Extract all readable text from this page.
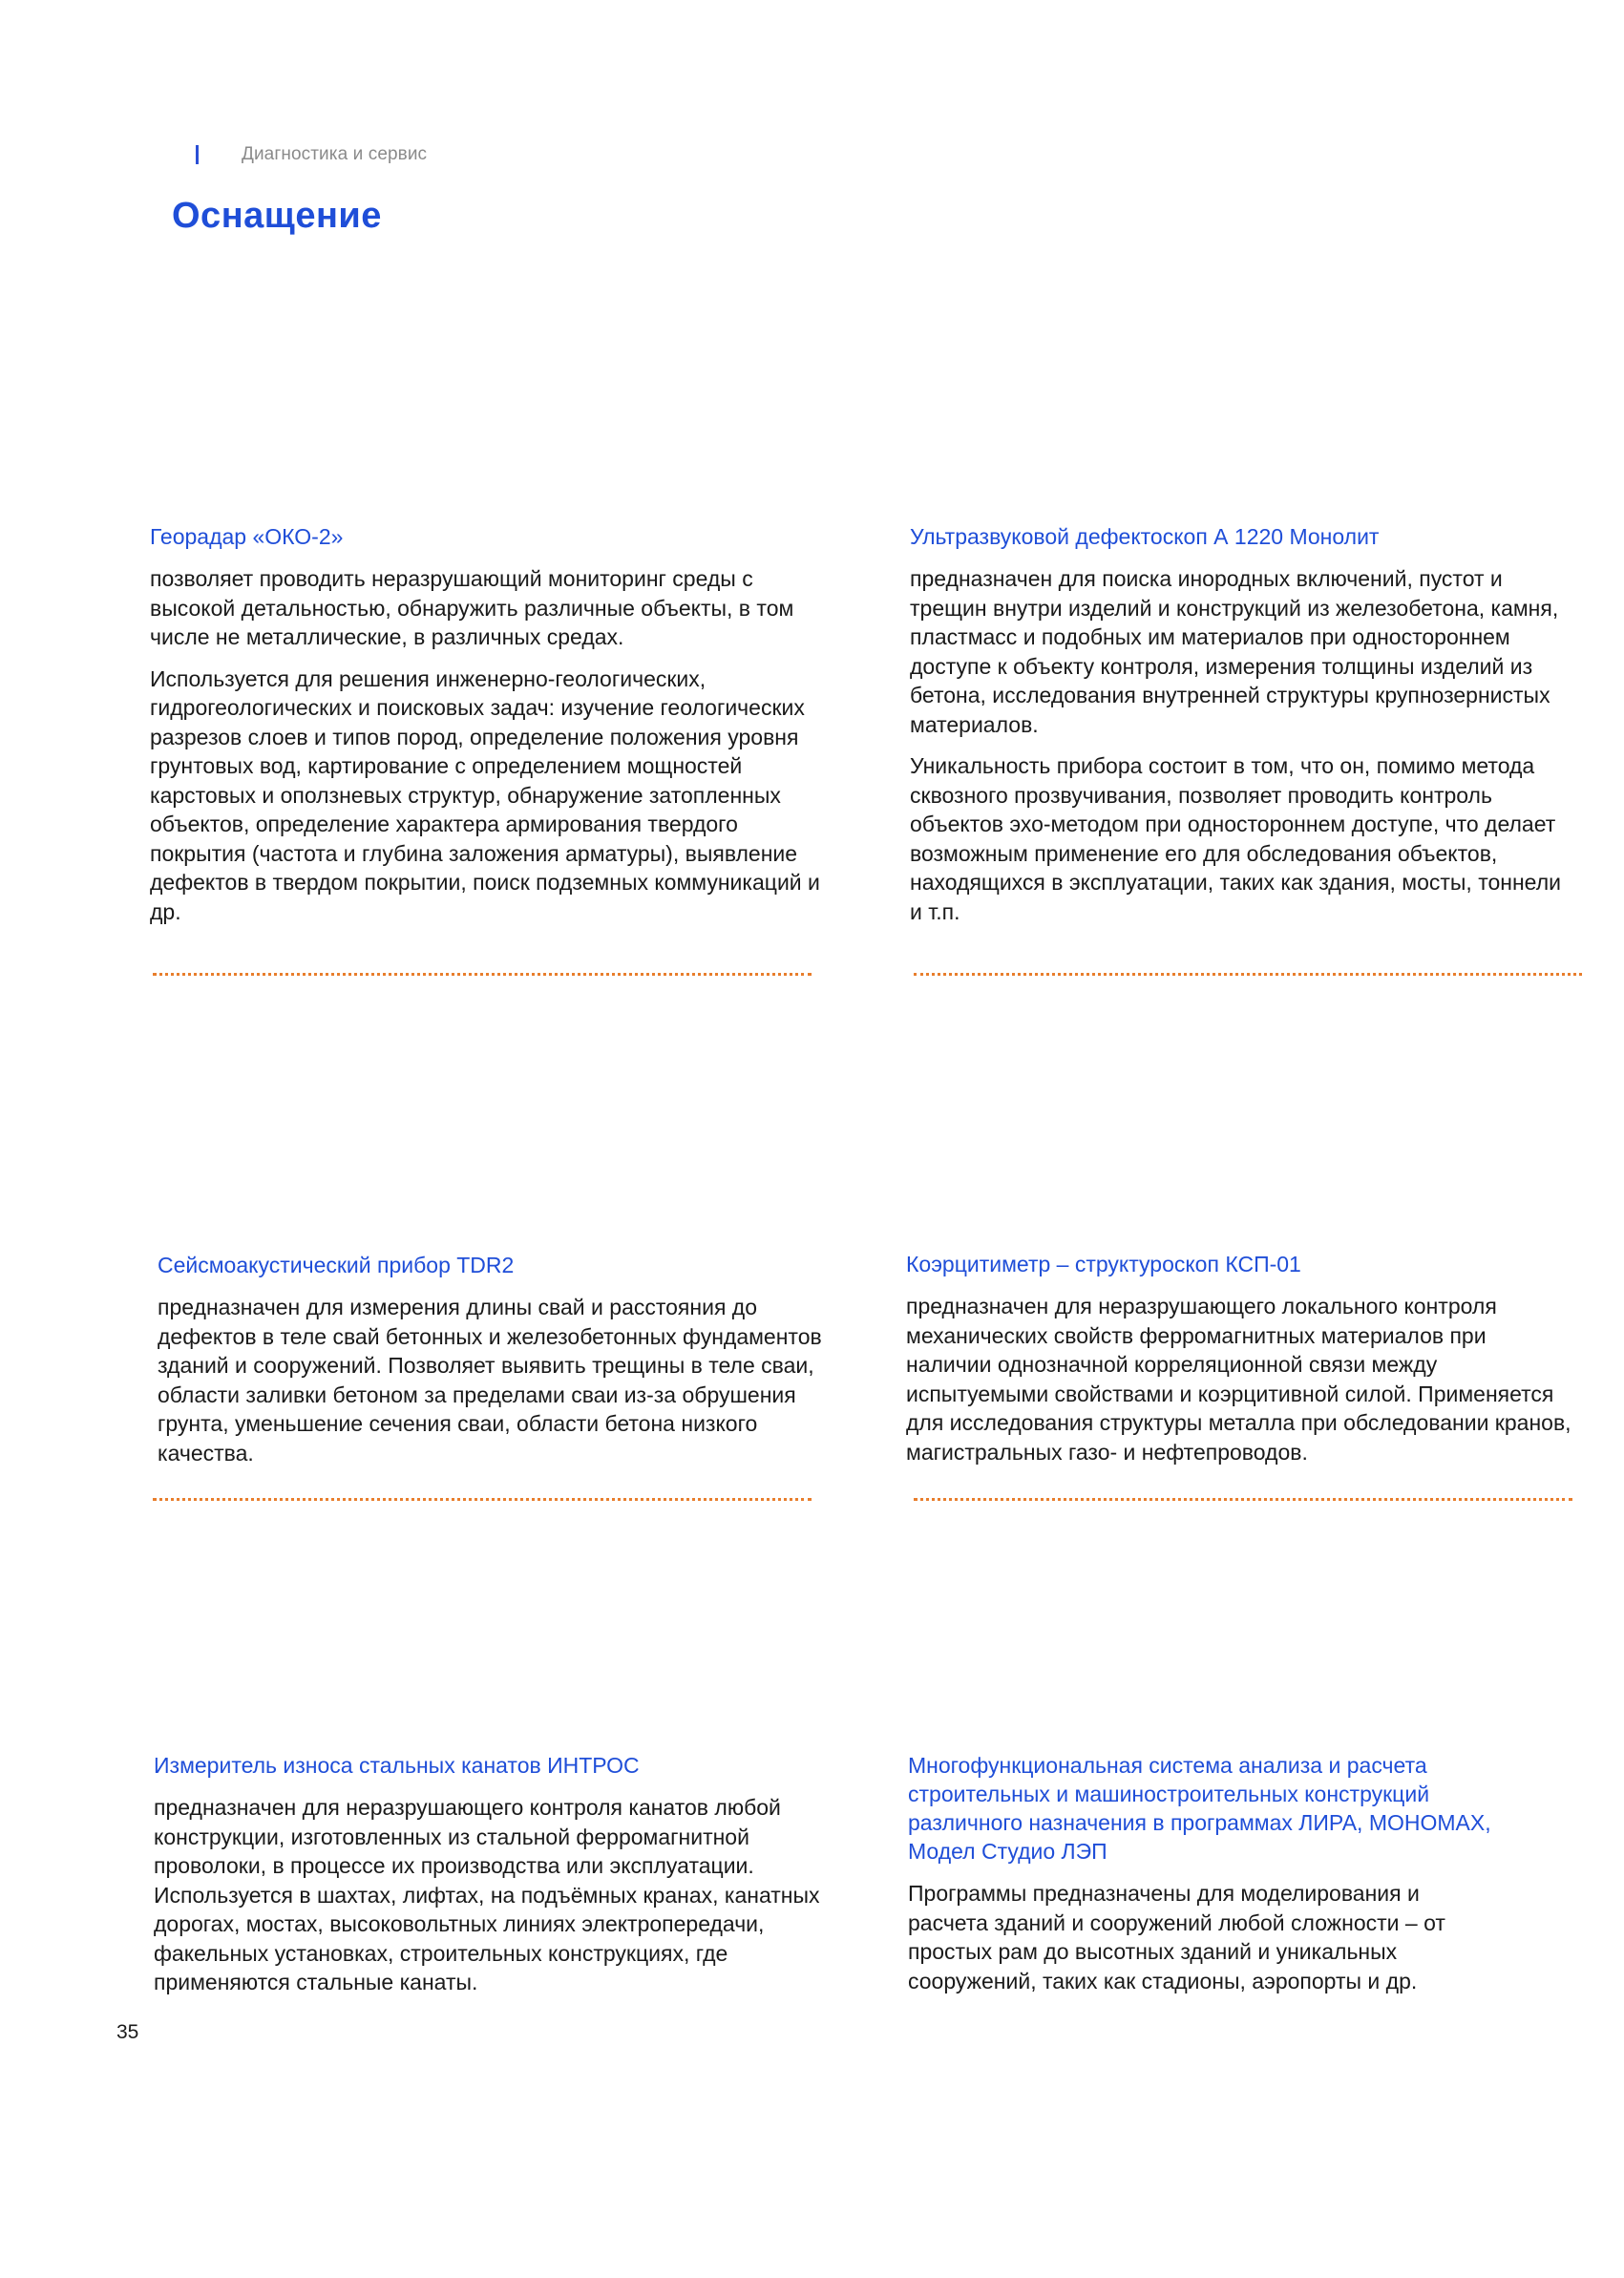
Диагностика и сервис
Оснащение
Георадар «ОКО-2»

позволяет проводить неразрушающий мониторинг среды с высокой детальностью, обнаружить различные объекты, в том числе не металлические, в различных средах.

Используется для решения инженерно-геологических, гидрогеологических и поисковых задач: изучение геологических разрезов слоев и типов пород, определение положения уровня грунтовых вод, картирование с определением мощностей карстовых и оползневых структур, обнаружение затопленных объектов, определение характера армирования твердого покрытия (частота и глубина заложения арматуры), выявление дефектов в твердом покрытии, поиск подземных коммуникаций и др.

Ультразвуковой дефектоскоп А 1220 Монолит

предназначен для поиска инородных включений, пустот и трещин внутри изделий и конструкций из железобетона, камня, пластмасс и подобных им материалов при одностороннем доступе к объекту контроля, измерения толщины изделий из бетона, исследования внутренней структуры крупнозернистых материалов.

Уникальность прибора состоит в том, что он, помимо метода сквозного прозвучивания, позволяет проводить контроль объектов эхо-методом при одностороннем доступе, что делает возможным применение его для обследования объектов, находящихся в эксплуатации, таких как здания, мосты, тоннели и т.п.

Сейсмоакустический прибор TDR2

предназначен для измерения длины свай и расстояния до дефектов в теле свай бетонных и железобетонных фундаментов зданий и сооружений. Позволяет выявить трещины в теле сваи, области заливки бетоном за пределами сваи из-за обрушения грунта, уменьшение сечения сваи, области бетона низкого качества.

Коэрцитиметр – структуроскоп КСП-01

предназначен для неразрушающего локального контроля механических свойств ферромагнитных материалов при наличии однозначной корреляционной связи между испытуемыми свойствами и коэрцитивной силой. Применяется для исследования структуры металла при обследовании кранов, магистральных газо- и нефтепроводов.

Измеритель износа стальных канатов ИНТРОС

предназначен для неразрушающего контроля канатов любой конструкции, изготовленных из стальной ферромагнитной проволоки, в процессе их производства или эксплуатации. Используется в шахтах, лифтах, на подъёмных кранах, канатных дорогах, мостах, высоковольтных линиях электропередачи, факельных установках, строительных конструкциях, где применяются стальные канаты.

Многофункциональная система анализа и расчета строительных и машиностроительных конструкций различного назначения в программах ЛИРА, МОНОМАХ, Модел Студио ЛЭП

Программы предназначены для моделирования и расчета зданий и сооружений любой сложности – от простых рам до высотных зданий и уникальных сооружений, таких как стадионы, аэропорты и др.

35
